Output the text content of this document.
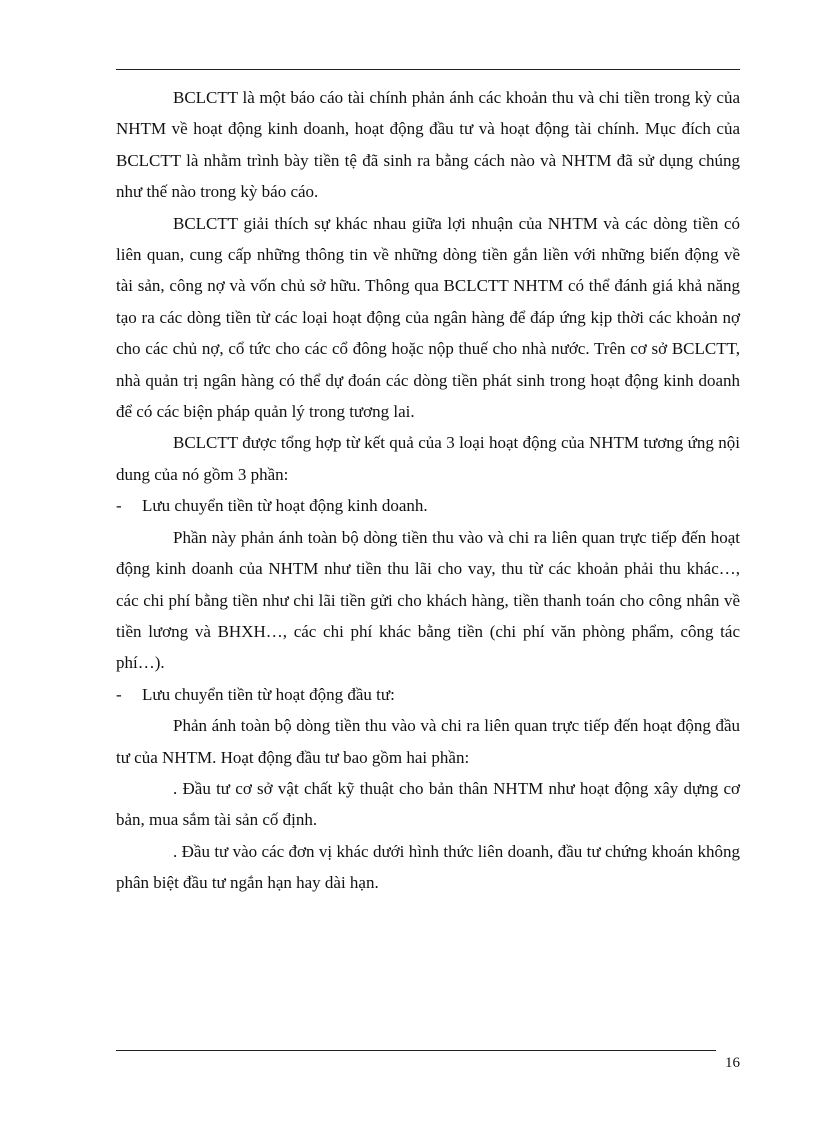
BCLCTT là một báo cáo tài chính phản ánh các khoản thu và chi tiền trong kỳ của NHTM về hoạt động kinh doanh, hoạt động đầu tư và hoạt động tài chính. Mục đích của BCLCTT là nhằm trình bày tiền tệ đã sinh ra bằng cách nào và NHTM đã sử dụng chúng như thế nào trong kỳ báo cáo.

BCLCTT giải thích sự khác nhau giữa lợi nhuận của NHTM và các dòng tiền có liên quan, cung cấp những thông tin về những dòng tiền gắn liền với những biến động về tài sản, công nợ và vốn chủ sở hữu. Thông qua BCLCTT NHTM có thể đánh giá khả năng tạo ra các dòng tiền từ các loại hoạt động của ngân hàng để đáp ứng kịp thời các khoản nợ cho các chủ nợ, cổ tức cho các cổ đông hoặc nộp thuế cho nhà nước. Trên cơ sở BCLCTT, nhà quản trị ngân hàng có thể dự đoán các dòng tiền phát sinh trong hoạt động kinh doanh để có các biện pháp quản lý trong tương lai.

BCLCTT được tổng hợp từ kết quả của 3 loại hoạt động của NHTM tương ứng nội dung của nó gồm 3 phần:

-	Lưu chuyển tiền từ hoạt động kinh doanh.

Phần này phản ánh toàn bộ dòng tiền thu vào và chi ra liên quan trực tiếp đến hoạt động kinh doanh của NHTM như tiền thu lãi cho vay, thu từ các khoản phải thu khác…, các chi phí bằng tiền như chi lãi tiền gửi cho khách hàng, tiền thanh toán cho công nhân về tiền lương và BHXH…, các chi phí khác bằng tiền (chi phí văn phòng phẩm, công tác phí…).

-	Lưu chuyển tiền từ hoạt động đầu tư:

Phản ánh toàn bộ dòng tiền thu vào và chi ra liên quan trực tiếp đến hoạt động đầu tư của NHTM. Hoạt động đầu tư bao gồm hai phần:

. Đầu tư cơ sở vật chất kỹ thuật cho bản thân NHTM như hoạt động xây dựng cơ bản, mua sắm tài sản cố định.

. Đầu tư vào các đơn vị khác dưới hình thức liên doanh, đầu tư chứng khoán không phân biệt đầu tư ngắn hạn hay dài hạn.

16
